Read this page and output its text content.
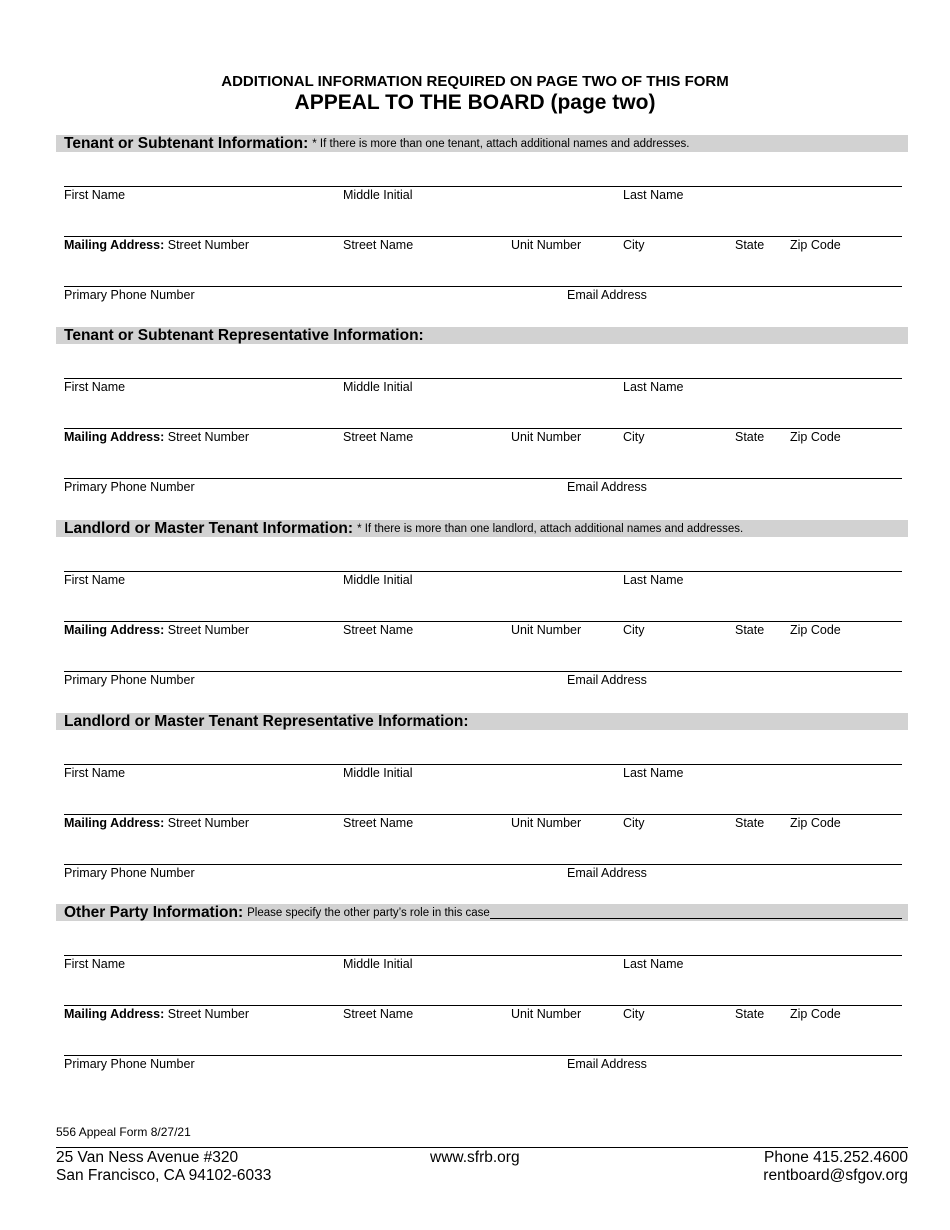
ADDITIONAL INFORMATION REQUIRED ON PAGE TWO OF THIS FORM
APPEAL TO THE BOARD (page two)
Tenant or Subtenant Information: * If there is more than one tenant, attach additional names and addresses.
First Name	Middle Initial	Last Name
Mailing Address: Street Number	Street Name	Unit Number	City	State Zip Code
Primary Phone Number	Email Address
Tenant or Subtenant Representative Information:
First Name	Middle Initial	Last Name
Mailing Address: Street Number	Street Name	Unit Number	City	State Zip Code
Primary Phone Number	Email Address
Landlord or Master Tenant Information: * If there is more than one landlord, attach additional names and addresses.
First Name	Middle Initial	Last Name
Mailing Address: Street Number	Street Name	Unit Number	City	State Zip Code
Primary Phone Number	Email Address
Landlord or Master Tenant Representative Information:
First Name	Middle Initial	Last Name
Mailing Address: Street Number	Street Name	Unit Number	City	State Zip Code
Primary Phone Number	Email Address
Other Party Information: Please specify the other party’s role in this case
First Name	Middle Initial	Last Name
Mailing Address: Street Number	Street Name	Unit Number	City	State Zip Code
Primary Phone Number	Email Address
556 Appeal Form 8/27/21
25 Van Ness Avenue #320
San Francisco, CA 94102-6033
www.sfrb.org	Phone 415.252.4600
rentboard@sfgov.org
